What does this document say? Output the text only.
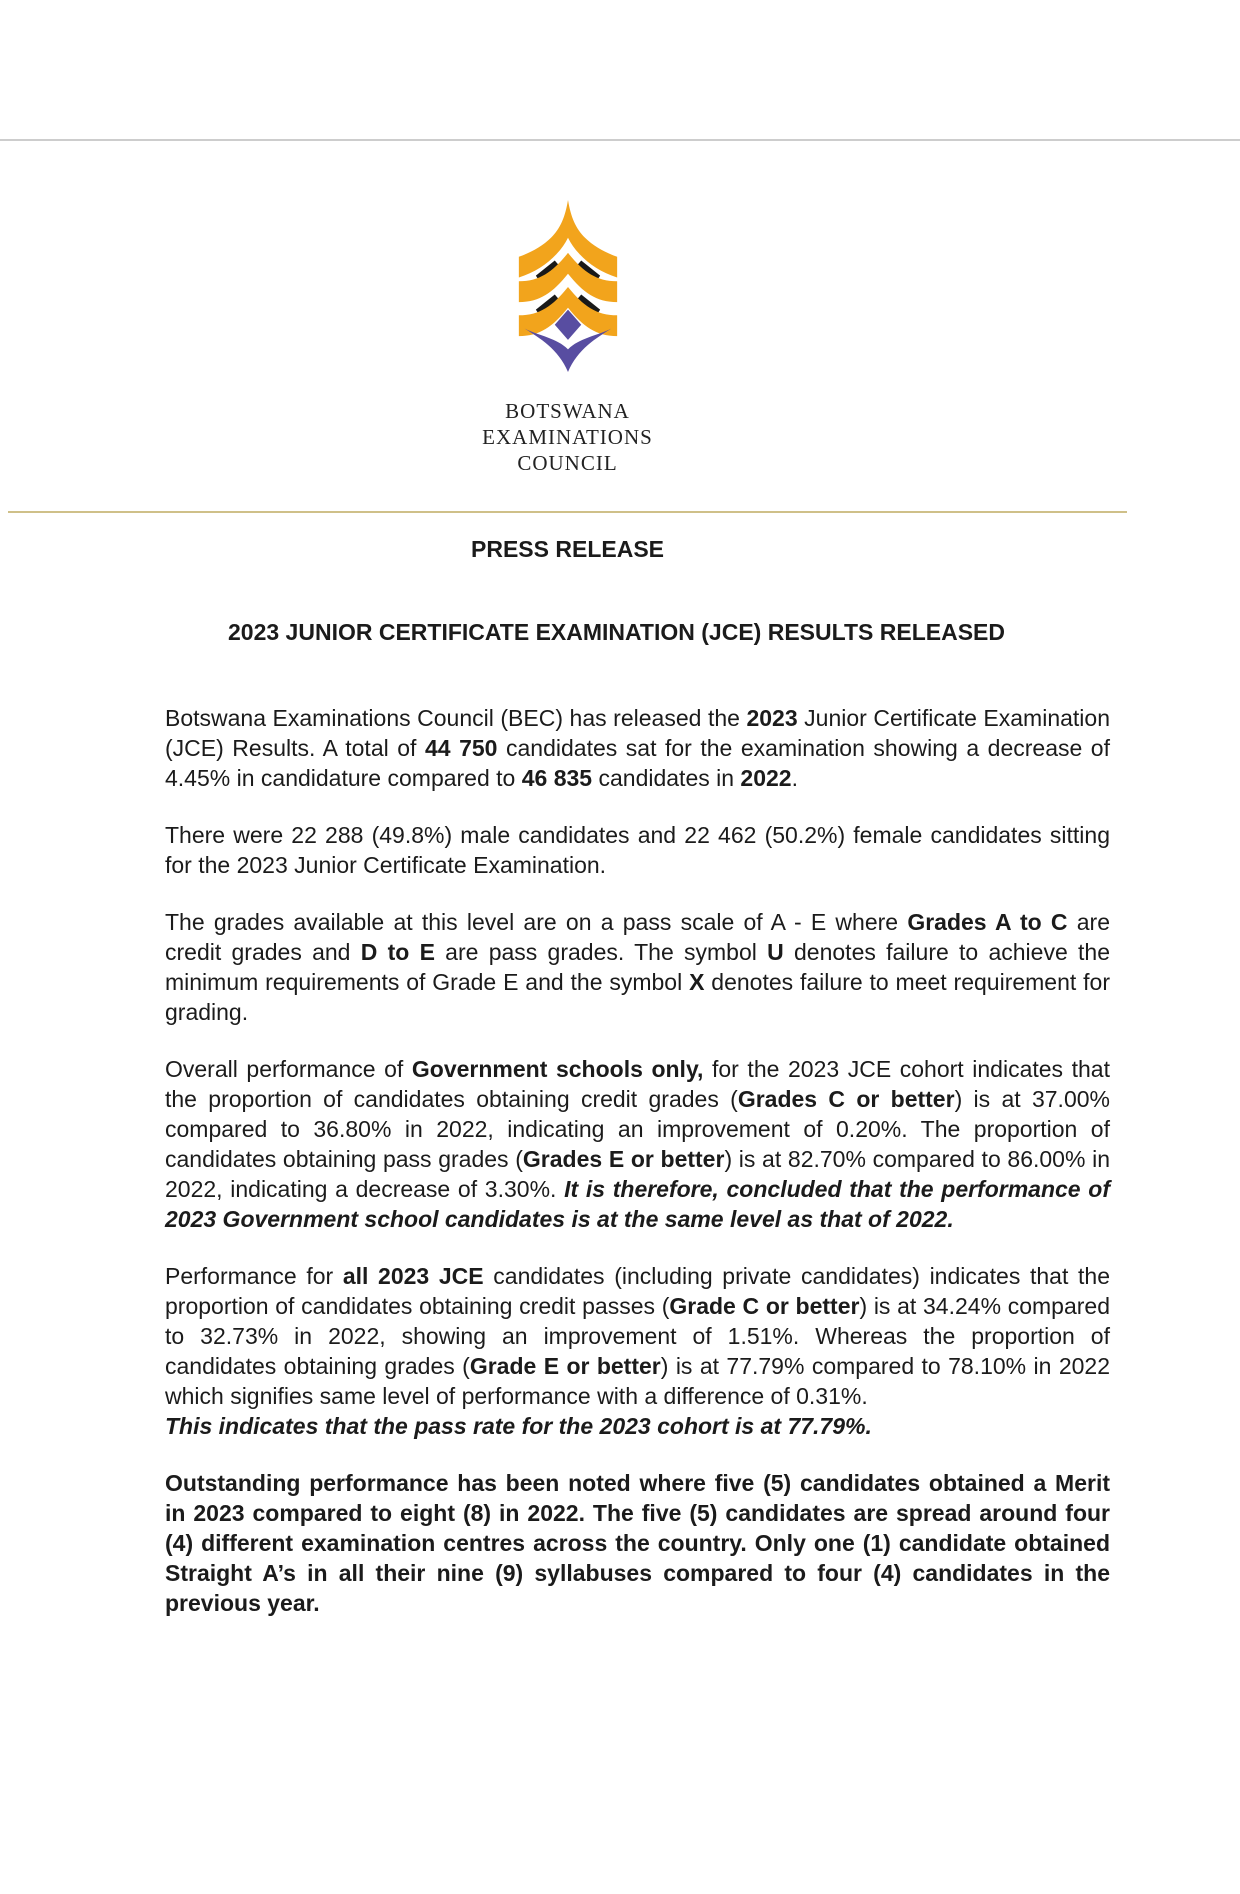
BOTSWANA
EXAMINATIONS
COUNCIL
PRESS RELEASE
2023 JUNIOR CERTIFICATE EXAMINATION (JCE) RESULTS RELEASED

Botswana Examinations Council (BEC) has released the 2023 Junior Certificate Examination (JCE) Results. A total of 44 750 candidates sat for the examination showing a decrease of 4.45% in candidature compared to 46 835 candidates in 2022.

There were 22 288 (49.8%) male candidates and 22 462 (50.2%) female candidates sitting for the 2023 Junior Certificate Examination.

The grades available at this level are on a pass scale of A - E where Grades A to C are credit grades and D to E are pass grades. The symbol U denotes failure to achieve the minimum requirements of Grade E and the symbol X denotes failure to meet requirement for grading.

Overall performance of Government schools only, for the 2023 JCE cohort indicates that the proportion of candidates obtaining credit grades (Grades C or better) is at 37.00% compared to 36.80% in 2022, indicating an improvement of 0.20%. The proportion of candidates obtaining pass grades (Grades E or better) is at 82.70% compared to 86.00% in 2022, indicating a decrease of 3.30%. It is therefore, concluded that the performance of 2023 Government school candidates is at the same level as that of 2022.

Performance for all 2023 JCE candidates (including private candidates) indicates that the proportion of candidates obtaining credit passes (Grade C or better) is at 34.24% compared to 32.73% in 2022, showing an improvement of 1.51%. Whereas the proportion of candidates obtaining grades (Grade E or better) is at 77.79% compared to 78.10% in 2022 which signifies same level of performance with a difference of 0.31%.
This indicates that the pass rate for the 2023 cohort is at 77.79%.

Outstanding performance has been noted where five (5) candidates obtained a Merit in 2023 compared to eight (8) in 2022. The five (5) candidates are spread around four (4) different examination centres across the country. Only one (1) candidate obtained Straight A’s in all their nine (9) syllabuses compared to four (4) candidates in the previous year.
